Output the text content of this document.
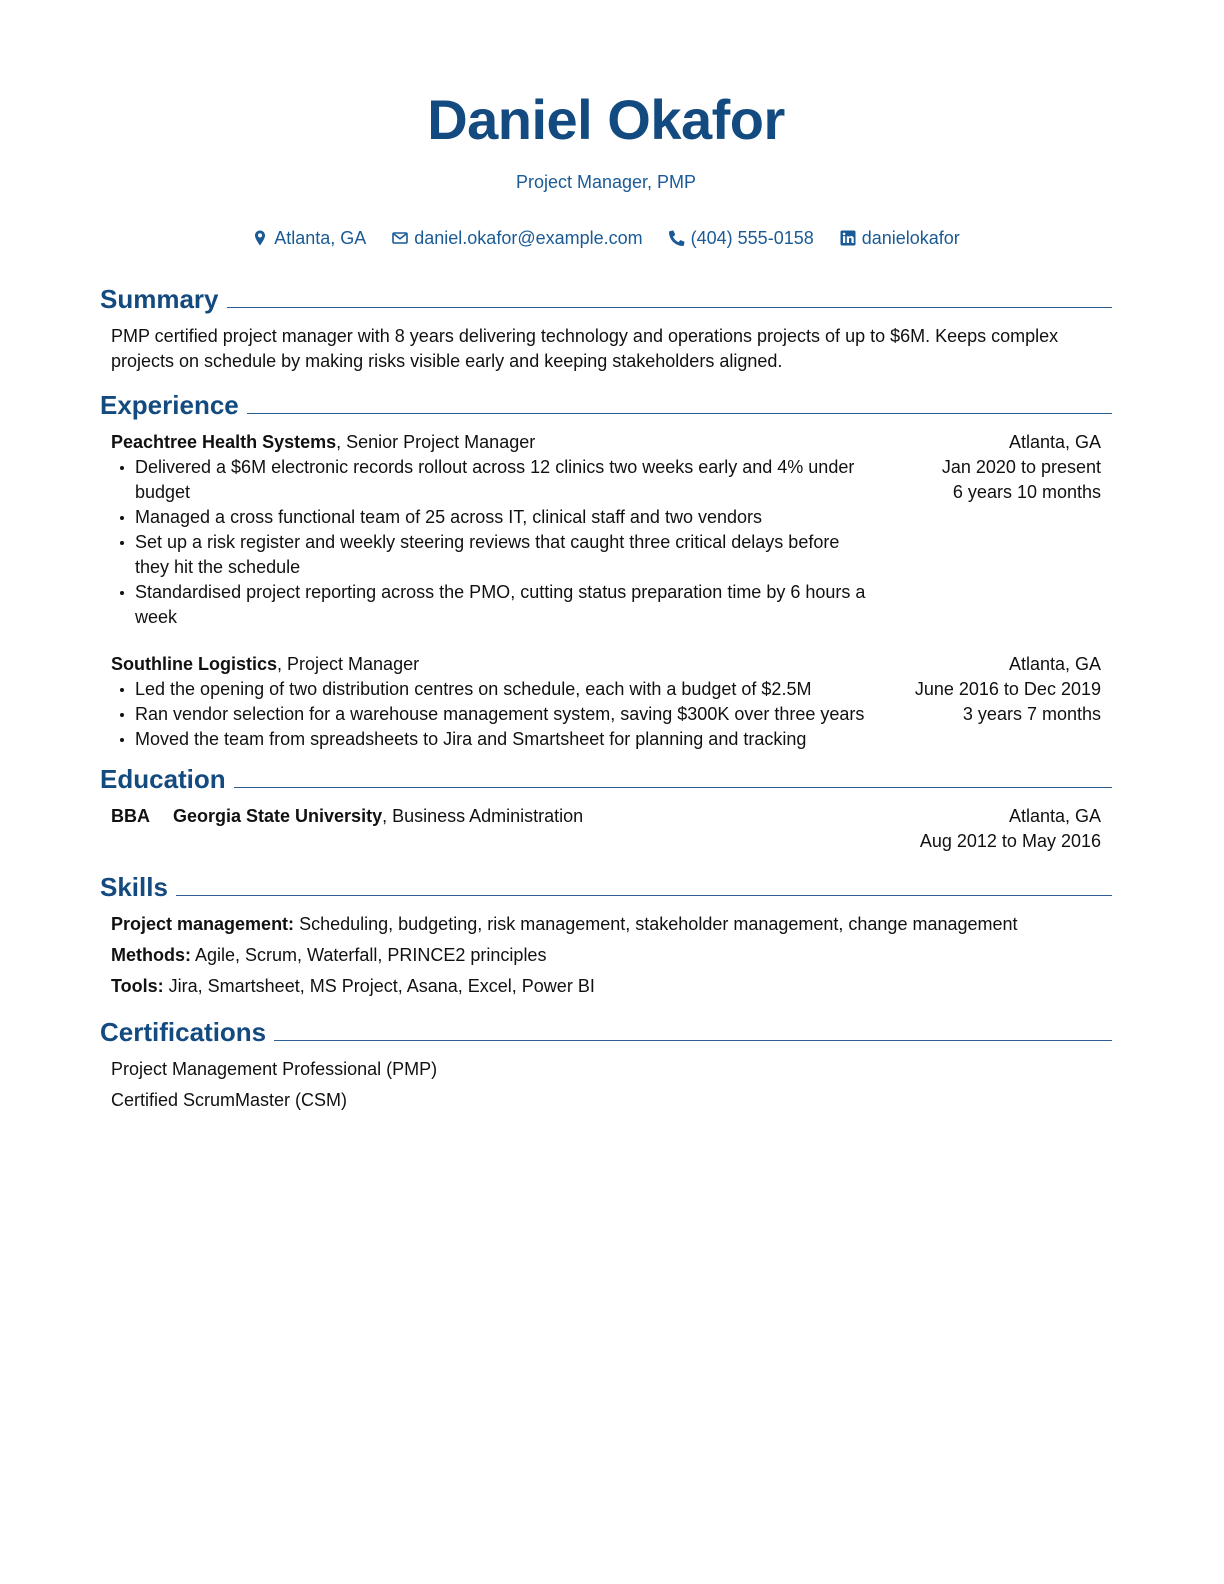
Daniel Okafor
Project Manager, PMP
Atlanta, GA	daniel.okafor@example.com	(404) 555-0158	danielokafor
Summary

PMP certified project manager with 8 years delivering technology and operations projects of up to $6M. Keeps complex projects on schedule by making risks visible early and keeping stakeholders aligned.

Experience
Peachtree Health Systems, Senior Project Manager
Delivered a $6M electronic records rollout across 12 clinics two weeks early and 4% under budget
Managed a cross functional team of 25 across IT, clinical staff and two vendors
Set up a risk register and weekly steering reviews that caught three critical delays before they hit the schedule
Standardised project reporting across the PMO, cutting status preparation time by 6 hours a week
Atlanta, GA
Jan 2020 to present
6 years 10 months
Southline Logistics, Project Manager
Led the opening of two distribution centres on schedule, each with a budget of $2.5M
Ran vendor selection for a warehouse management system, saving $300K over three years
Moved the team from spreadsheets to Jira and Smartsheet for planning and tracking
Atlanta, GA
June 2016 to Dec 2019
3 years 7 months
Education
BBA	Georgia State University, Business Administration	Atlanta, GA
Aug 2012 to May 2016
Skills
Project management: Scheduling, budgeting, risk management, stakeholder management, change management
Methods: Agile, Scrum, Waterfall, PRINCE2 principles
Tools: Jira, Smartsheet, MS Project, Asana, Excel, Power BI
Certifications
Project Management Professional (PMP)
Certified ScrumMaster (CSM)
